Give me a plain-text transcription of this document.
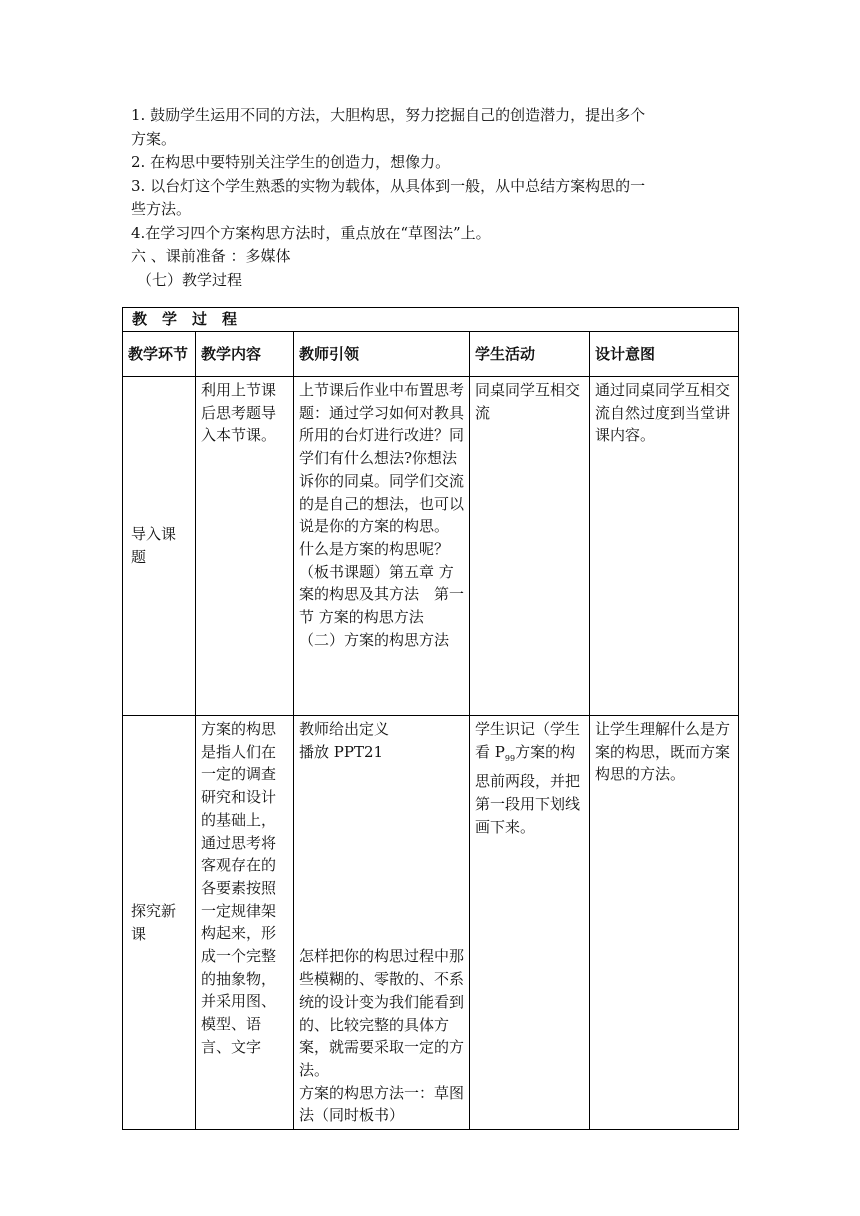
1. 鼓励学生运用不同的方法，大胆构思，努力挖掘自己的创造潜力，提出多个

方案。

2. 在构思中要特别关注学生的创造力，想像力。

3. 以台灯这个学生熟悉的实物为载体，从具体到一般，从中总结方案构思的一

些方法。

4.在学习四个方案构思方法时，重点放在“草图法”上。

六 、课前准备 ：多媒体

（七）教学过程

教　学　过　程				
教学环节	教学内容	教师引领	学生活动	设计意图
导入课题	利用上节课后思考题导入本节课。	上节课后作业中布置思考题：通过学习如何对教具所用的台灯进行改进？同学们有什么想法?你想法诉你的同桌。同学们交流的是自己的想法，也可以说是你的方案的构思。
什么是方案的构思呢？（板书课题）第五章 方案的构思及其方法　第一节 方案的构思方法　（二）方案的构思方法	同桌同学互相交流	通过同桌同学互相交流自然过度到当堂讲课内容。
探究新课	方案的构思是指人们在一定的调查研究和设计的基础上，通过思考将客观存在的各要素按照一定规律架构起来，形成一个完整的抽象物，并采用图、模型、语言、文字	教师给出定义
播放 PPT21
怎样把你的构思过程中那些模糊的、零散的、不系统的设计变为我们能看到的、比较完整的具体方案，就需要采取一定的方法。
方案的构思方法一：草图法（同时板书）	学生识记（学生看 $P_{99}$方案的构思前两段，并把第一段用下划线画下来。	让学生理解什么是方案的构思，既而方案构思的方法。
